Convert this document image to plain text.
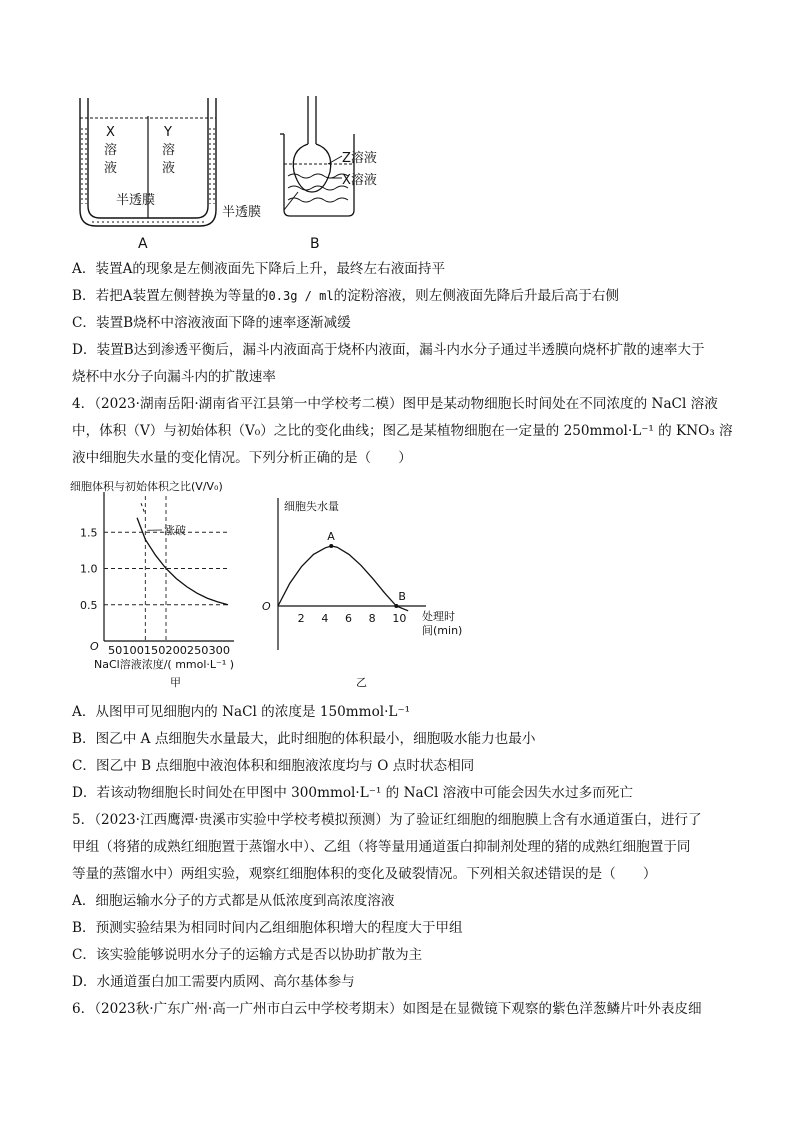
X
溶
液
Y
溶
液
半透膜
A
Z溶液
X溶液
半透膜
B
A．装置A的现象是左侧液面先下降后上升，最终左右液面持平
B．若把A装置左侧替换为等量的0.3g / ml的淀粉溶液，则左侧液面先降后升最后高于右侧
C．装置B烧杯中溶液液面下降的速率逐渐减缓
D．装置B达到渗透平衡后，漏斗内液面高于烧杯内液面，漏斗内水分子通过半透膜向烧杯扩散的速率大于
烧杯中水分子向漏斗内的扩散速率
4．（2023·湖南岳阳·湖南省平江县第一中学校考二模）图甲是某动物细胞长时间处在不同浓度的 NaCl 溶液
中，体积（V）与初始体积（V₀）之比的变化曲线；图乙是某植物细胞在一定量的 250mmol·L⁻¹ 的 KNO₃ 溶
液中细胞失水量的变化情况。下列分析正确的是（　　）
细胞体积与初始体积之比(V/V₀)
O
NaCl溶液浓度/( mmol·L⁻¹ )
甲
涨破
0.5
1.0
1.5
50100150200250300
细胞失水量
O
乙
2 4 6 8 10 处理时
间(min)
A
B
A．从图甲可见细胞内的 NaCl 的浓度是 150mmol·L⁻¹
B．图乙中 A 点细胞失水量最大，此时细胞的体积最小，细胞吸水能力也最小
C．图乙中 B 点细胞中液泡体积和细胞液浓度均与 O 点时状态相同
D．若该动物细胞长时间处在甲图中 300mmol·L⁻¹ 的 NaCl 溶液中可能会因失水过多而死亡
5．（2023·江西鹰潭·贵溪市实验中学校考模拟预测）为了验证红细胞的细胞膜上含有水通道蛋白，进行了
甲组（将猪的成熟红细胞置于蒸馏水中）、乙组（将等量用通道蛋白抑制剂处理的猪的成熟红细胞置于同
等量的蒸馏水中）两组实验，观察红细胞体积的变化及破裂情况。下列相关叙述错误的是（　　）
A．细胞运输水分子的方式都是从低浓度到高浓度溶液
B．预测实验结果为相同时间内乙组细胞体积增大的程度大于甲组
C．该实验能够说明水分子的运输方式是否以协助扩散为主
D．水通道蛋白加工需要内质网、高尔基体参与
6．（2023秋·广东广州·高一广州市白云中学校考期末）如图是在显微镜下观察的紫色洋葱鳞片叶外表皮细
